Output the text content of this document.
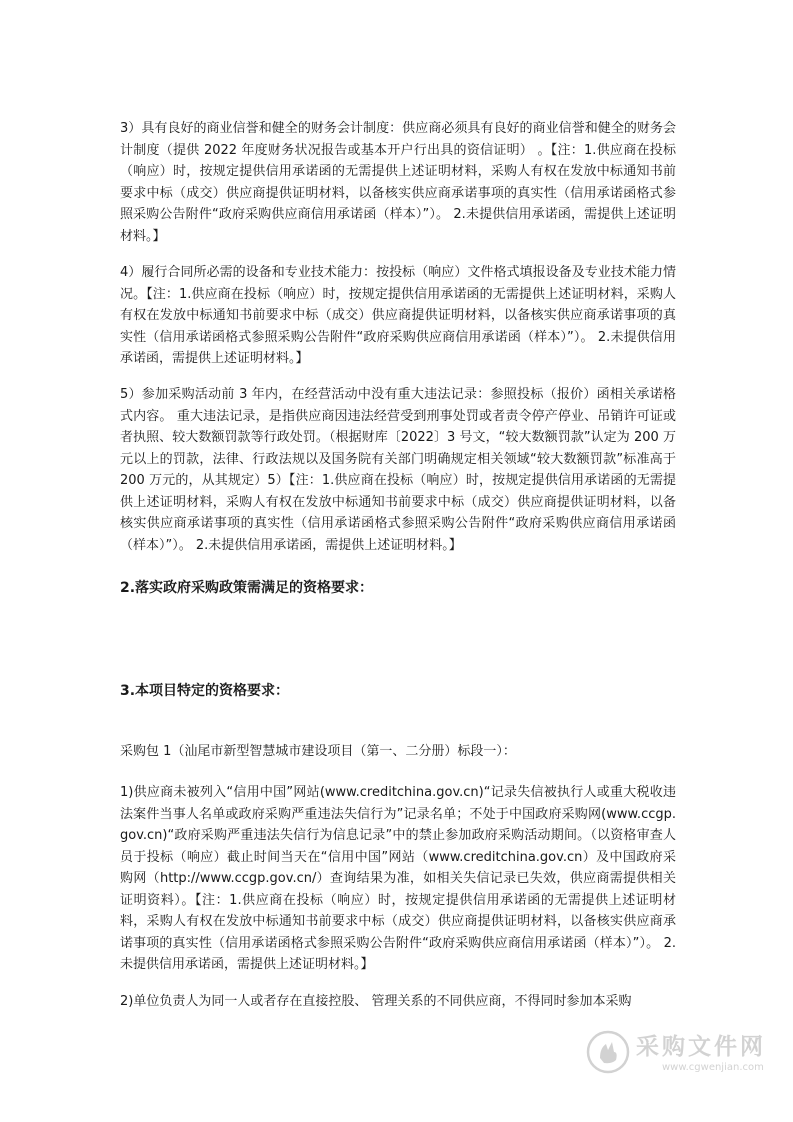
3）具有良好的商业信誉和健全的财务会计制度：供应商必须具有良好的商业信誉和健全的财务会计制度（提供 2022 年度财务状况报告或基本开户行出具的资信证明） 。【注：1.供应商在投标（响应）时，按规定提供信用承诺函的无需提供上述证明材料，采购人有权在发放中标通知书前要求中标（成交）供应商提供证明材料，以备核实供应商承诺事项的真实性（信用承诺函格式参照采购公告附件“政府采购供应商信用承诺函（样本）”）。 2.未提供信用承诺函，需提供上述证明材料。】

4）履行合同所必需的设备和专业技术能力：按投标（响应）文件格式填报设备及专业技术能力情况。【注：1.供应商在投标（响应）时，按规定提供信用承诺函的无需提供上述证明材料，采购人有权在发放中标通知书前要求中标（成交）供应商提供证明材料，以备核实供应商承诺事项的真实性（信用承诺函格式参照采购公告附件“政府采购供应商信用承诺函（样本）”）。 2.未提供信用承诺函，需提供上述证明材料。】

5）参加采购活动前 3 年内，在经营活动中没有重大违法记录：参照投标（报价）函相关承诺格式内容。 重大违法记录，是指供应商因违法经营受到刑事处罚或者责令停产停业、吊销许可证或者执照、较大数额罚款等行政处罚。（根据财库〔2022〕3 号文，“较大数额罚款”认定为 200 万元以上的罚款，法律、行政法规以及国务院有关部门明确规定相关领域“较大数额罚款”标准高于 200 万元的，从其规定）5）【注：1.供应商在投标（响应）时，按规定提供信用承诺函的无需提供上述证明材料，采购人有权在发放中标通知书前要求中标（成交）供应商提供证明材料，以备核实供应商承诺事项的真实性（信用承诺函格式参照采购公告附件“政府采购供应商信用承诺函（样本）”）。 2.未提供信用承诺函，需提供上述证明材料。】

2.落实政府采购政策需满足的资格要求：
3.本项目特定的资格要求：

采购包 1（汕尾市新型智慧城市建设项目（第一、二分册）标段一）：

1)供应商未被列入“信用中国”网站(www.creditchina.gov.cn)“记录失信被执行人或重大税收违法案件当事人名单或政府采购严重违法失信行为”记录名单；不处于中国政府采购网(www.ccgp.gov.cn)“政府采购严重违法失信行为信息记录”中的禁止参加政府采购活动期间。（以资格审查人员于投标（响应）截止时间当天在“信用中国”网站（www.creditchina.gov.cn）及中国政府采购网（http://www.ccgp.gov.cn/）查询结果为准，如相关失信记录已失效，供应商需提供相关证明资料）。【注：1.供应商在投标（响应）时，按规定提供信用承诺函的无需提供上述证明材料，采购人有权在发放中标通知书前要求中标（成交）供应商提供证明材料，以备核实供应商承诺事项的真实性（信用承诺函格式参照采购公告附件“政府采购供应商信用承诺函（样本）”）。 2.未提供信用承诺函，需提供上述证明材料。】

2)单位负责人为同一人或者存在直接控股、 管理关系的不同供应商，不得同时参加本采购

采购文件网
www.cgwenjian.com
